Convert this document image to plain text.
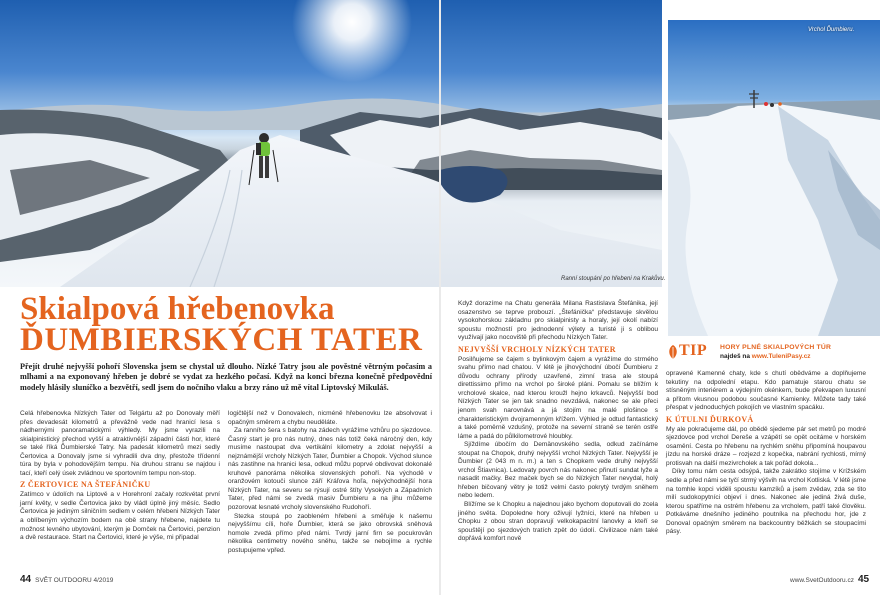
Ranní stoupání po hřebeni na Krakůvu.
Vrchol Ďumbieru.
Skialpová hřebenovka
ĎUMBIERSKÝCH TATER
Přejít druhé nejvyšší pohoří Slovenska jsem se chystal už dlouho. Nízké Tatry jsou ale pověstné větrným počasím a mlhami a na exponovaný hřeben je dobré se vydat za hezkého počasí. Když na konci března konečně předpovědní modely hlásily sluníčko a bezvětří, sedl jsem do nočního vlaku a brzy ráno už mě vítal Liptovský Mikuláš.

Celá hřebenovka Nízkých Tater od Telgártu až po Donovaly měří přes devadesát kilometrů a převážně vede nad hranicí lesa s nádhernými panoramatickými výhledy. My jsme vyrazili na skialpinistický přechod vyšší a atraktivnější západní části hor, které se také říká Ďumbierské Tatry. Na padesát kilometrů mezi sedly Čertovica a Donovaly jsme si vyhradili dva dny, přestože třídenní túra by byla v pohodovějším tempu. Na druhou stranu se najdou i tací, kteří celý úsek zvládnou ve sportovním tempu non-stop.

Z ČERTOVICE NA ŠTEFÁNIČKU

Zatímco v údolích na Liptově a v Horehroní začaly rozkvétat první jarní květy, v sedle Čertovica jako by vládl úplně jiný měsíc. Sedlo Čertovica je jediným silničním sedlem v celém hřebeni Nízkých Tater a oblíbeným výchozím bodem na obě strany hřebene, najdete tu možnost levného ubytování, kterým je Domček na Čertovici, penzion a dvě restaurace. Start na Čertovici, které je výše, mi připadal

logičtější než v Donovalech, nicméně hřebenovku lze absolvovat i opačným směrem a chybu neuděláte.

Za ranního šera s batohy na zádech vyrážíme vzhůru po sjezdovce. Časný start je pro nás nutný, dnes nás totiž čeká náročný den, kdy musíme nastoupat dva vertikální kilometry a zdolat nejvyšší a nejznámější vrcholy Nízkých Tater, Ďumbier a Chopok. Východ slunce nás zastihne na hranici lesa, odkud můžu poprvé obdivovat dokonalé kruhové panoráma několika slovenských pohoří. Na východě v oranžovém kotouči slunce září Kráľova hoľa, nejvýchodnější hora Nízkých Tater, na severu se rýsují ostré štíty Vysokých a Západních Tater, před námi se zvedá masiv Ďumbieru a na jihu můžeme pozorovat lesnaté vrcholy slovenského Rudohoří.

Stezka stoupá po zaobleném hřebeni a směřuje k našemu nejvyššímu cíli, hoře Ďumbier, která se jako obrovská sněhová homole zvedá přímo před námi. Tvrdý jarní firn se pocukrovân několika centimetry nového sněhu, takže se nebojíme a rychle postupujeme vpřed.

Když dorazíme na Chatu generála Milana Rastislava Štefánika, její osazenstvo se teprve probouzí. „Štefánička“ představuje skvělou vysokohorskou základnu pro skialpinisty a horaly, její okolí nabízí spoustu možností pro jednodenní výlety a turisté ji s oblibou využívají jako nocoviště při přechodu Nízkých Tater.

NEJVYŠŠÍ VRCHOLY NÍZKÝCH TATER

Posilňujeme se čajem s bylinkovým čajem a vyrážíme do strmého svahu přímo nad chatou. V létě je jihovýchodní úbočí Ďumbieru z důvodu ochrany přírody uzavřené, zimní trasa ale stoupá direttissimo přímo na vrchol po široké pláni. Pomalu se blížím k vrcholové skalce, nad kterou kroužl hejno krkavců. Nejvyšší bod Nízkých Tater se jen tak snadno nevzdává, nakonec se ale přeci jenom svah narovnává a já stojím na malé plošince s charakteristickým dvojramenným křížem. Výhled je odtud fantastický a také poměrně vzdušný, protože na severní straně se terén ostře láme a padá do půlkilometrové hloubky.

Sjíždíme úbočím do Demänovského sedla, odkud začínáme stoupat na Chopok, druhý nejvyšší vrchol Nízkých Tater. Nejvyšší je Ďumbier (2 043 m n. m.) a ten s Chopkem vede druhý nejvyšší vrchol Štiavnica). Ledovaty povrch nás nakonec přinutí sundat lyže a nasadit mačky. Bez maček bych se do Nízkých Tater nevydal, holý hřeben bičovaný větry je totiž velmi často pokrytý tvrdým sněhem nebo ledem.

Blížíme se k Chopku a najednou jako bychom doputovali do zcela jiného světa. Dopoledne hory oživují lyžníci, které na hřeben u Chopku z obou stran dopravují velkokapacitní lanovky a kteří se spouštějí po sjezdových tratích zpět do údolí. Civilizace nám také dopřává komfort nově

TIP HORY PLNÉ SKIALPOVÝCH TÚR
najdeš na www.TuleniPasy.cz

opravené Kamenné chaty, kde s chutí obědváme a doplňujeme tekutiny na odpolední etapu. Kdo pamatuje starou chatu se stísněným interiérem a výdejním okénkem, bude překvapen luxusní a přitom vkusnou podobou současné Kamienky. Můžete tady také přespat v jednoduchých pokojích ve vlastním spacáku.

K ÚTULNI ĎURKOVÁ

My ale pokračujeme dál, po obědě sjedeme pár set metrů po modré sjezdovce pod vrchol Dereše a vzápětí se opět ocitáme v horském osamění. Cesta po hřebenu na rychlém sněhu připomíná houpavou jízdu na horské dráze – rozjezd z kopečka, nabrání rychlosti, mírný protisvah na další mezivrcholek a tak pořád dokola...

Díky tomu nám cesta odsýpá, takže zakrátko stojíme v Krížském sedle a před námi se tyčí strmý výšvih na vrchol Kotliská. V létě jsme na tomhle kopci viděli spoustu kamzíků a jsem zvědav, zda se tito milí sudokopytníci objeví i dnes. Nakonec ale jediná živá duše, kterou spatříme na ostrém hřebenu za vrcholem, patří také člověku. Potkáváme dnešního jediného poutníka na přechodu hor, jde z Donoval opačným směrem na backcountry běžkách se stoupacími pásy.

44 SVĚT OUTDOORU 4/2019	www.SvetOutdooru.cz 45
